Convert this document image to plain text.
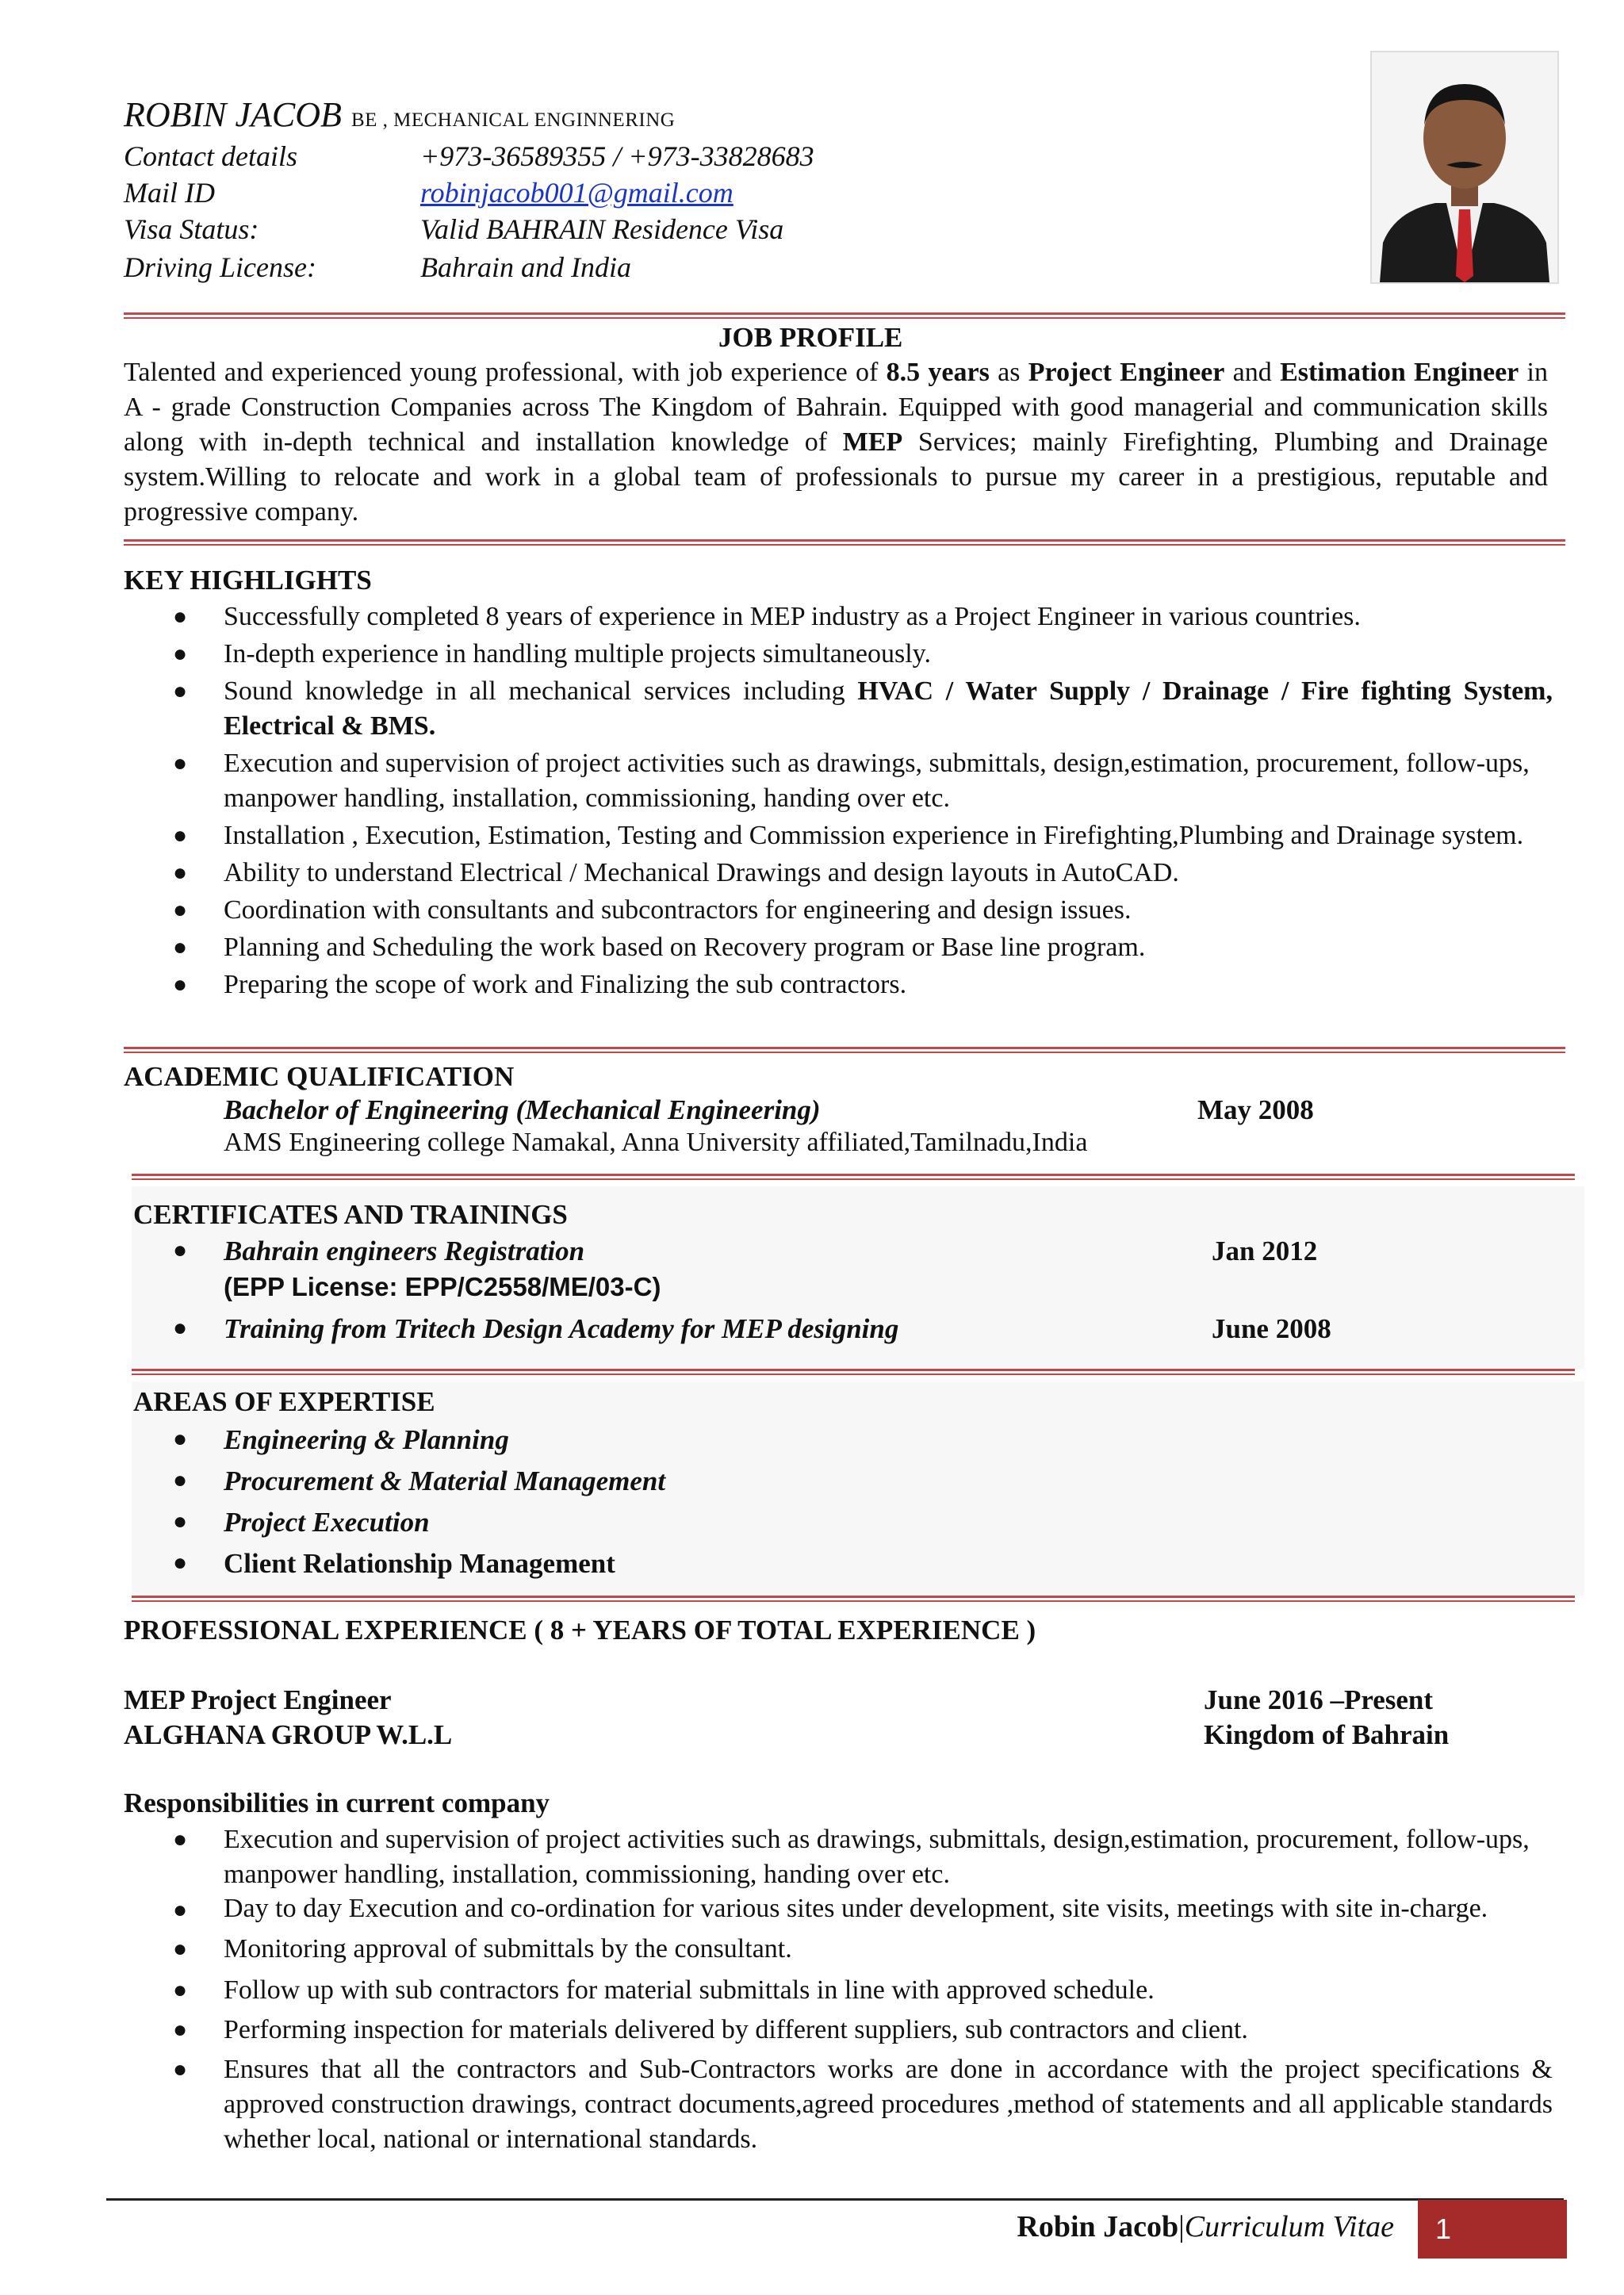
ROBIN JACOB BE , MECHANICAL ENGINNERING
Contact details	+973-36589355 / +973-33828683
Mail ID	robinjacob001@gmail.com
Visa Status:	Valid BAHRAIN Residence Visa
Driving License:	Bahrain and India
JOB PROFILE
Talented and experienced young professional, with job experience of 8.5 years as Project Engineer and Estimation Engineer in A - grade Construction Companies across The Kingdom of Bahrain. Equipped with good managerial and communication skills along with in-depth technical and installation knowledge of MEP Services; mainly Firefighting, Plumbing and Drainage system.Willing to relocate and work in a global team of professionals to pursue my career in a prestigious, reputable and progressive company.
KEY HIGHLIGHTS
● Successfully completed 8 years of experience in MEP industry as a Project Engineer in various countries.
● In-depth experience in handling multiple projects simultaneously.
● Sound knowledge in all mechanical services including HVAC / Water Supply / Drainage / Fire fighting System, Electrical & BMS.
● Execution and supervision of project activities such as drawings, submittals, design,estimation, procurement, follow-ups, manpower handling, installation, commissioning, handing over etc.
● Installation , Execution, Estimation, Testing and Commission experience in Firefighting,Plumbing and Drainage system.
● Ability to understand Electrical / Mechanical Drawings and design layouts in AutoCAD.
● Coordination with consultants and subcontractors for engineering and design issues.
● Planning and Scheduling the work based on Recovery program or Base line program.
● Preparing the scope of work and Finalizing the sub contractors.
ACADEMIC QUALIFICATION
Bachelor of Engineering (Mechanical Engineering)	May 2008
AMS Engineering college Namakal, Anna University affiliated,Tamilnadu,India
CERTIFICATES AND TRAININGS
● Bahrain engineers Registration	Jan 2012
(EPP License: EPP/C2558/ME/03-C)
● Training from Tritech Design Academy for MEP designing	June 2008
AREAS OF EXPERTISE
● Engineering & Planning
● Procurement & Material Management
● Project Execution
● Client Relationship Management
PROFESSIONAL EXPERIENCE ( 8 + YEARS OF TOTAL EXPERIENCE )
MEP Project Engineer	June 2016 –Present
ALGHANA GROUP W.L.L	Kingdom of Bahrain
Responsibilities in current company
● Execution and supervision of project activities such as drawings, submittals, design,estimation, procurement, follow-ups, manpower handling, installation, commissioning, handing over etc.
● Day to day Execution and co-ordination for various sites under development, site visits, meetings with site in-charge.
● Monitoring approval of submittals by the consultant.
● Follow up with sub contractors for material submittals in line with approved schedule.
● Performing inspection for materials delivered by different suppliers, sub contractors and client.
● Ensures that all the contractors and Sub-Contractors works are done in accordance with the project specifications & approved construction drawings, contract documents,agreed procedures ,method of statements and all applicable standards whether local, national or international standards.
Robin Jacob|Curriculum Vitae	1
